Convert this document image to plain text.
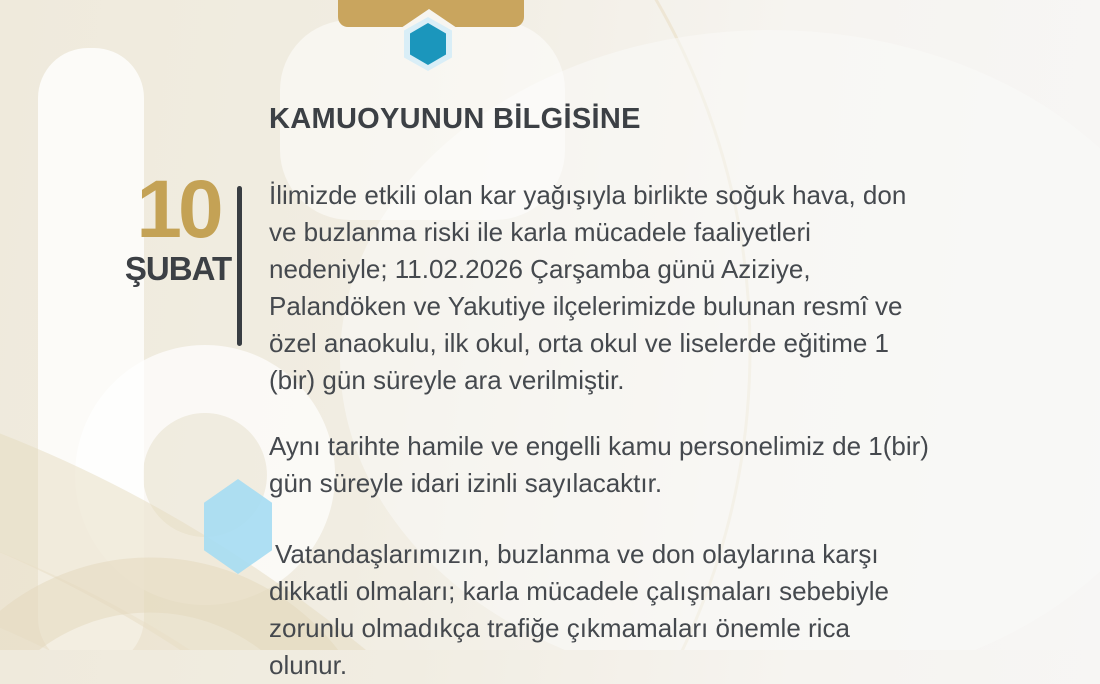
KAMUOYUNUN BİLGİSİNE
10
ŞUBAT
İlimizde etkili olan kar yağışıyla birlikte soğuk hava, don
ve buzlanma riski ile karla mücadele faaliyetleri
nedeniyle; 11.02.2026 Çarşamba günü Aziziye,
Palandöken ve Yakutiye ilçelerimizde bulunan resmî ve
özel anaokulu, ilk okul, orta okul ve liselerde eğitime 1
(bir) gün süreyle ara verilmiştir.
Aynı tarihte hamile ve engelli kamu personelimiz de 1(bir)
gün süreyle idari izinli sayılacaktır.
Vatandaşlarımızın, buzlanma ve don olaylarına karşı
dikkatli olmaları; karla mücadele çalışmaları sebebiyle
zorunlu olmadıkça trafiğe çıkmamaları önemle rica
olunur.
